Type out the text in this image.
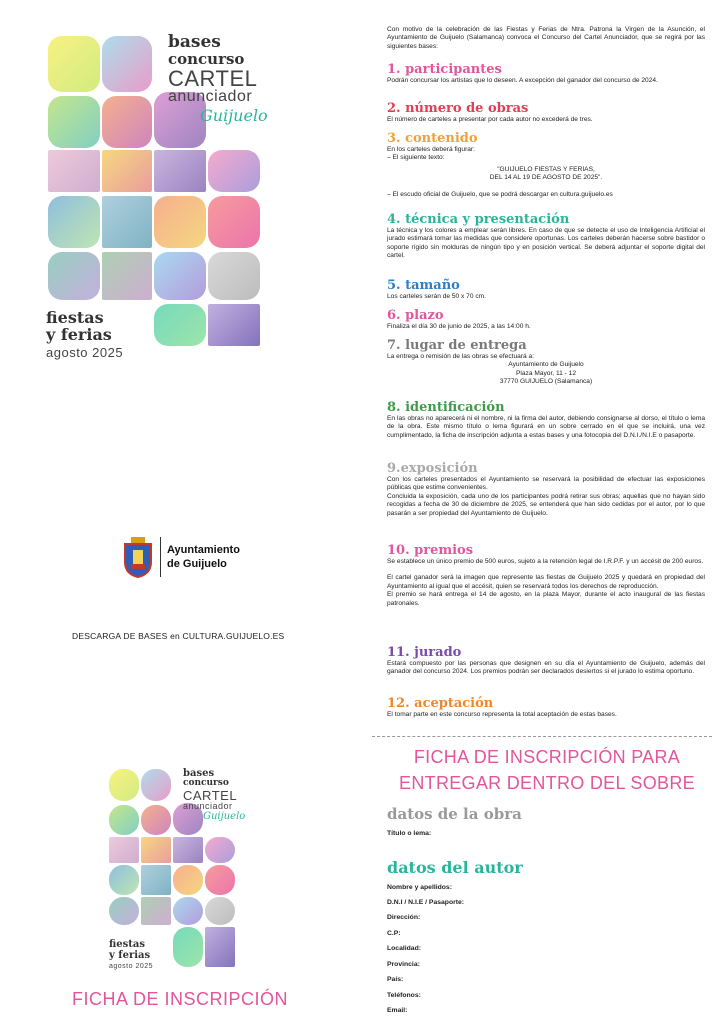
bases
concurso
CARTEL
anunciador
Guijuelo
fiestas
y ferias
agosto 2025
Ayuntamiento
de Guijuelo
DESCARGA DE BASES en CULTURA.GUIJUELO.ES
bases
concurso
CARTEL
anunciador
Guijuelo
fiestas
y ferias
agosto 2025
FICHA DE INSCRIPCIÓN
Con motivo de la celebración de las Fiestas y Ferias de Ntra. Patrona la Virgen de la Asunción, el Ayuntamiento de Guijuelo (Salamanca) convoca el Concurso del Cartel Anunciador, que se regirá por las siguientes bases:

1. participantes

Podrán concursar los artistas que lo deseen. A excepción del ganador del concurso de 2024.

2. número de obras

El número de carteles a presentar por cada autor no excederá de tres.

3. contenido

En los carteles deberá figurar:

– El siguiente texto:

"GUIJUELO FIESTAS Y FERIAS,

DEL 14 AL 19 DE AGOSTO DE 2025".

– El escudo oficial de Guijuelo, que se podrá descargar en cultura.guijuelo.es

4. técnica y presentación

La técnica y los colores a emplear serán libres. En caso de que se detecte el uso de Inteligencia Artificial el jurado estimará tomar las medidas que considere oportunas. Los carteles deberán hacerse sobre bastidor o soporte rígido sin molduras de ningún tipo y en posición vertical. Se deberá adjuntar el soporte digital del cartel.

5. tamaño

Los carteles serán de 50 x 70 cm.

6. plazo

Finaliza el día 30 de junio de 2025, a las 14:00 h.

7. lugar de entrega

La entrega o remisión de las obras se efectuará a:

Ayuntamiento de Guijuelo

Plaza Mayor, 11 - 12

37770 GUIJUELO (Salamanca)

8. identificación

En las obras no aparecerá ni el nombre, ni la firma del autor, debiendo consignarse al dorso, el título o lema de la obra. Este mismo título o lema figurará en un sobre cerrado en el que se incluirá, una vez cumplimentado, la ficha de inscripción adjunta a estas bases y una fotocopia del D.N.I./N.I.E o pasaporte.

9.exposición

Con los carteles presentados el Ayuntamiento se reservará la posibilidad de efectuar las exposiciones públicas que estime convenientes.

Concluida la exposición, cada uno de los participantes podrá retirar sus obras; aquellas que no hayan sido recogidas a fecha de 30 de diciembre de 2025, se entenderá que han sido cedidas por el autor, por lo que pasarán a ser propiedad del Ayuntamiento de Guijuelo.

10. premios

Se establece un único premio de 500 euros, sujeto a la retención legal de I.R.P.F. y un accésit de 200 euros.

El cartel ganador será la imagen que represente las fiestas de Guijuelo 2025 y quedará en propiedad del Ayuntamiento al igual que el accésit, quien se reservará todos los derechos de reproducción.

El premio se hará entrega el 14 de agosto, en la plaza Mayor, durante el acto inaugural de las fiestas patronales.

11. jurado

Estará compuesto por las personas que designen en su día el Ayuntamiento de Guijuelo, además del ganador del concurso 2024. Los premios podrán ser declarados desiertos si el jurado lo estima oportuno.

12. aceptación

El tomar parte en este concurso representa la total aceptación de estas bases.

FICHA DE INSCRIPCIÓN PARA
ENTREGAR DENTRO DEL SOBRE
datos de la obra
Título o lema:
datos del autor
Nombre y apellidos:
D.N.I / N.I.E / Pasaporte:
Dirección:
C.P:
Localidad:
Provincia:
País:
Teléfonos:
Email:
